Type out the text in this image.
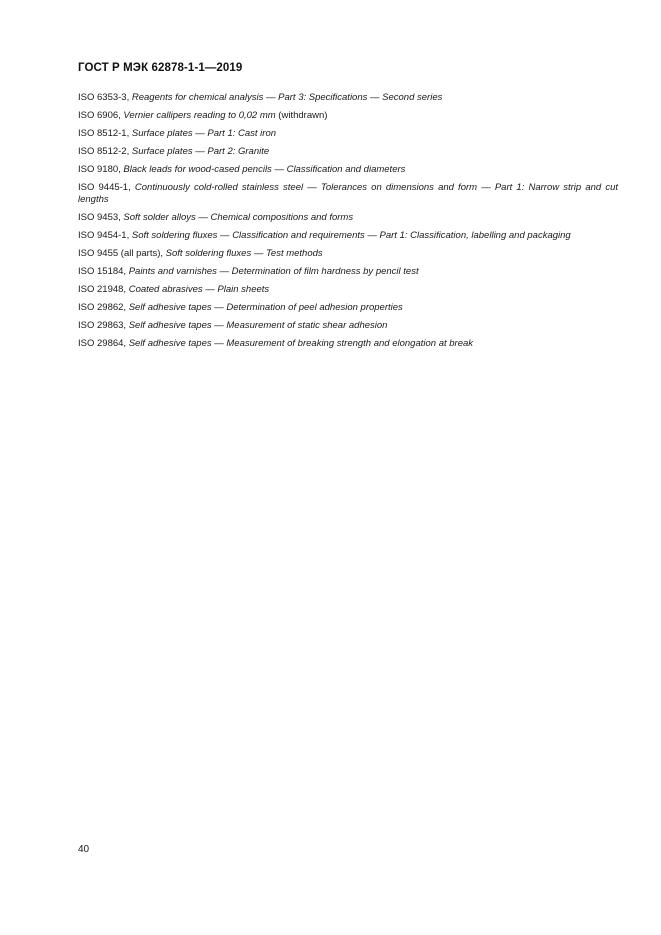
ГОСТ Р МЭК 62878-1-1—2019
ISO 6353-3, Reagents for chemical analysis — Part 3: Specifications — Second series
ISO 6906, Vernier callipers reading to 0,02 mm (withdrawn)
ISO 8512-1, Surface plates — Part 1: Cast iron
ISO 8512-2, Surface plates — Part 2: Granite
ISO 9180, Black leads for wood-cased pencils — Classification and diameters
ISO 9445-1, Continuously cold-rolled stainless steel — Tolerances on dimensions and form — Part 1: Narrow strip and cut lengths
ISO 9453, Soft solder alloys — Chemical compositions and forms
ISO 9454-1, Soft soldering fluxes — Classification and requirements — Part 1: Classification, labelling and packaging
ISO 9455 (all parts), Soft soldering fluxes — Test methods
ISO 15184, Paints and varnishes — Determination of film hardness by pencil test
ISO 21948, Coated abrasives — Plain sheets
ISO 29862, Self adhesive tapes — Determination of peel adhesion properties
ISO 29863, Self adhesive tapes — Measurement of static shear adhesion
ISO 29864, Self adhesive tapes — Measurement of breaking strength and elongation at break
40
